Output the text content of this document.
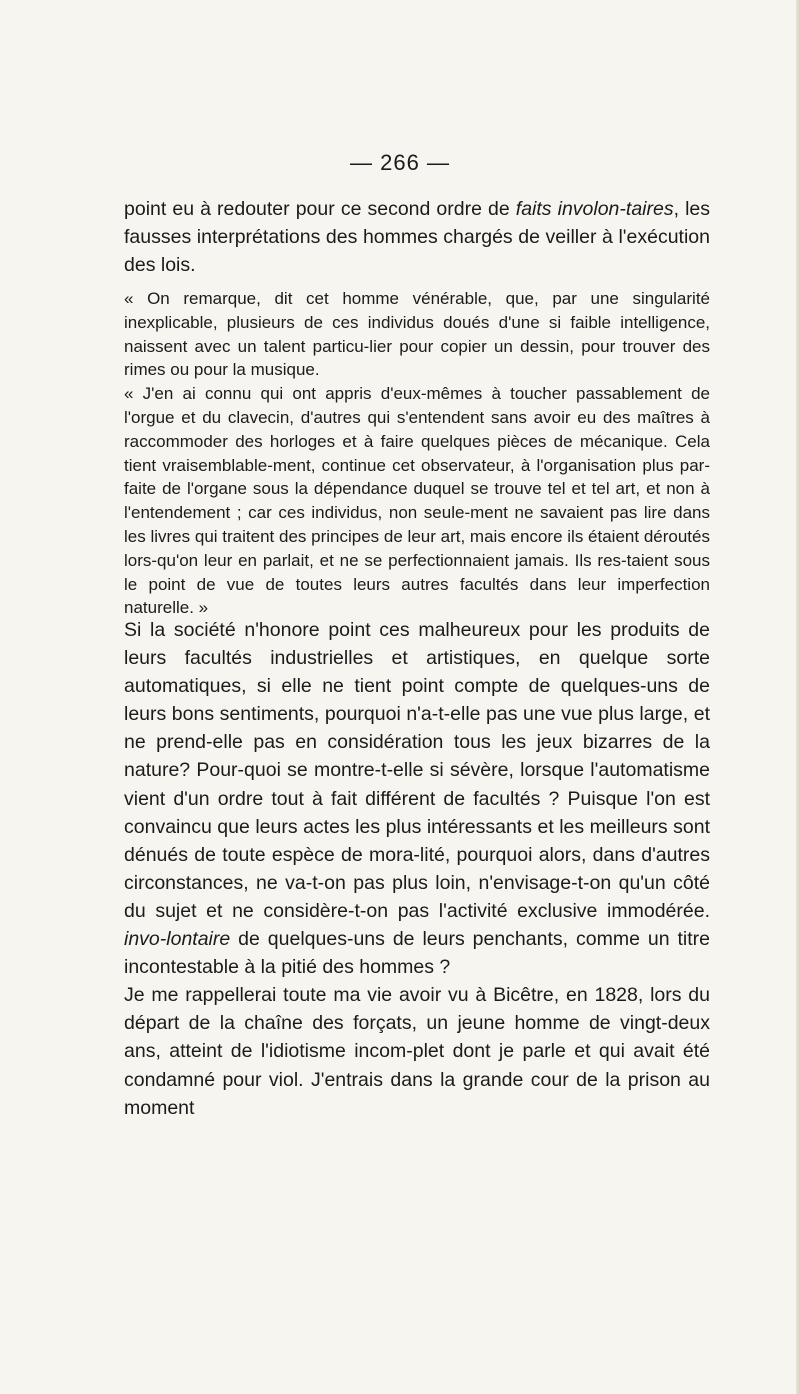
— 266 —

point eu à redouter pour ce second ordre de faits involon-taires, les fausses interprétations des hommes chargés de veiller à l'exécution des lois.

« On remarque, dit cet homme vénérable, que, par une singularité inexplicable, plusieurs de ces individus doués d'une si faible intelligence, naissent avec un talent particu-lier pour copier un dessin, pour trouver des rimes ou pour la musique.

« J'en ai connu qui ont appris d'eux-mêmes à toucher passablement de l'orgue et du clavecin, d'autres qui s'entendent sans avoir eu des maîtres à raccommoder des horloges et à faire quelques pièces de mécanique. Cela tient vraisemblable-ment, continue cet observateur, à l'organisation plus par-faite de l'organe sous la dépendance duquel se trouve tel et tel art, et non à l'entendement ; car ces individus, non seule-ment ne savaient pas lire dans les livres qui traitent des principes de leur art, mais encore ils étaient déroutés lors-qu'on leur en parlait, et ne se perfectionnaient jamais. Ils res-taient sous le point de vue de toutes leurs autres facultés dans leur imperfection naturelle. »

Si la société n'honore point ces malheureux pour les produits de leurs facultés industrielles et artistiques, en quelque sorte automatiques, si elle ne tient point compte de quelques-uns de leurs bons sentiments, pourquoi n'a-t-elle pas une vue plus large, et ne prend-elle pas en considération tous les jeux bizarres de la nature? Pour-quoi se montre-t-elle si sévère, lorsque l'automatisme vient d'un ordre tout à fait différent de facultés ? Puisque l'on est convaincu que leurs actes les plus intéressants et les meilleurs sont dénués de toute espèce de mora-lité, pourquoi alors, dans d'autres circonstances, ne va-t-on pas plus loin, n'envisage-t-on qu'un côté du sujet et ne considère-t-on pas l'activité exclusive immodérée. invo-lontaire de quelques-uns de leurs penchants, comme un titre incontestable à la pitié des hommes ?

Je me rappellerai toute ma vie avoir vu à Bicêtre, en 1828, lors du départ de la chaîne des forçats, un jeune homme de vingt-deux ans, atteint de l'idiotisme incom-plet dont je parle et qui avait été condamné pour viol. J'entrais dans la grande cour de la prison au moment
